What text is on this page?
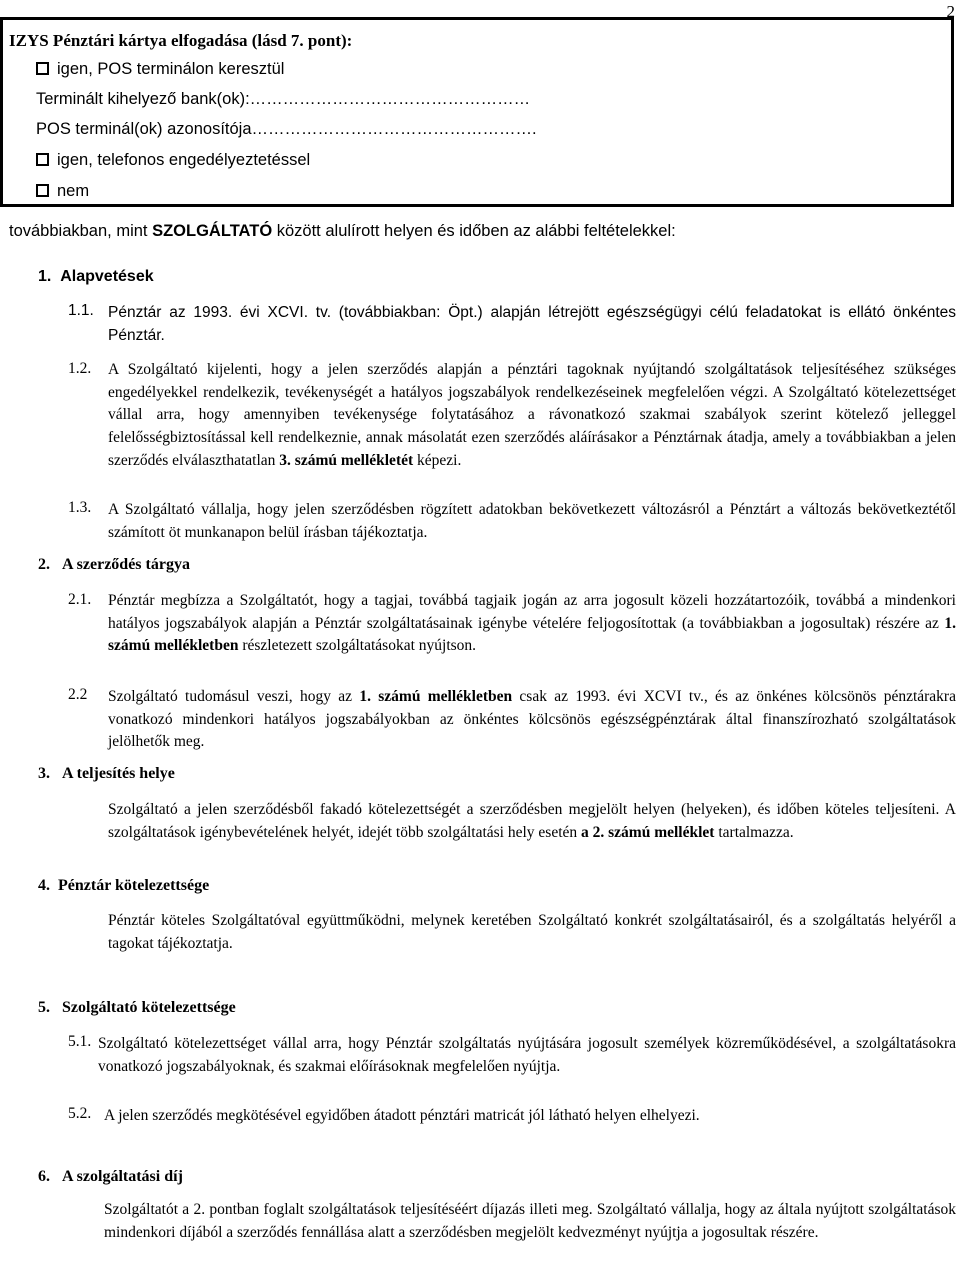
2
IZYS Pénztári kártya elfogadása (lásd 7. pont):
igen, POS terminálon keresztül
Terminált kihelyező bank(ok):……………………………………………
POS terminál(ok) azonosítója…………………………………………….
igen, telefonos engedélyeztetéssel
nem
továbbiakban, mint SZOLGÁLTATÓ között alulírott helyen és időben az alábbi feltételekkel:
1. Alapvetések
1.1. Pénztár az 1993. évi XCVI. tv. (továbbiakban: Öpt.) alapján létrejött egészségügyi célú feladatokat is ellátó önkéntes Pénztár.
1.2. A Szolgáltató kijelenti, hogy a jelen szerződés alapján a pénztári tagoknak nyújtandó szolgáltatások teljesítéséhez szükséges engedélyekkel rendelkezik, tevékenységét a hatályos jogszabályok rendelkezéseinek megfelelően végzi. A Szolgáltató kötelezettséget vállal arra, hogy amennyiben tevékenysége folytatásához a rávonatkozó szakmai szabályok szerint kötelező jelleggel felelősségbiztosítással kell rendelkeznie, annak másolatát ezen szerződés aláírásakor a Pénztárnak átadja, amely a továbbiakban a jelen szerződés elválaszthatatlan 3. számú mellékletét képezi.
1.3. A Szolgáltató vállalja, hogy jelen szerződésben rögzített adatokban bekövetkezett változásról a Pénztárt a változás bekövetkeztétől számított öt munkanapon belül írásban tájékoztatja.
2. A szerződés tárgya
2.1. Pénztár megbízza a Szolgáltatót, hogy a tagjai, továbbá tagjaik jogán az arra jogosult közeli hozzátartozóik, továbbá a mindenkori hatályos jogszabályok alapján a Pénztár szolgáltatásainak igénybe vételére feljogosítottak (a továbbiakban a jogosultak) részére az 1. számú mellékletben részletezett szolgáltatásokat nyújtson.
2.2 Szolgáltató tudomásul veszi, hogy az 1. számú mellékletben csak az 1993. évi XCVI tv., és az önkénes kölcsönös pénztárakra vonatkozó mindenkori hatályos jogszabályokban az önkéntes kölcsönös egészségpénztárak által finanszírozható szolgáltatások jelölhetők meg.
3. A teljesítés helye
Szolgáltató a jelen szerződésből fakadó kötelezettségét a szerződésben megjelölt helyen (helyeken), és időben köteles teljesíteni. A szolgáltatások igénybevételének helyét, idejét több szolgáltatási hely esetén a 2. számú melléklet tartalmazza.
4. Pénztár kötelezettsége
Pénztár köteles Szolgáltatóval együttműködni, melynek keretében Szolgáltató konkrét szolgáltatásairól, és a szolgáltatás helyéről a tagokat tájékoztatja.
5. Szolgáltató kötelezettsége
5.1. Szolgáltató kötelezettséget vállal arra, hogy Pénztár szolgáltatás nyújtására jogosult személyek közreműködésével, a szolgáltatásokra vonatkozó jogszabályoknak, és szakmai előírásoknak megfelelően nyújtja.
5.2. A jelen szerződés megkötésével egyidőben átadott pénztári matricát jól látható helyen elhelyezi.
6. A szolgáltatási díj
Szolgáltatót a 2. pontban foglalt szolgáltatások teljesítéséért díjazás illeti meg. Szolgáltató vállalja, hogy az általa nyújtott szolgáltatások mindenkori díjából a szerződés fennállása alatt a szerződésben megjelölt kedvezményt nyújtja a jogosultak részére.
